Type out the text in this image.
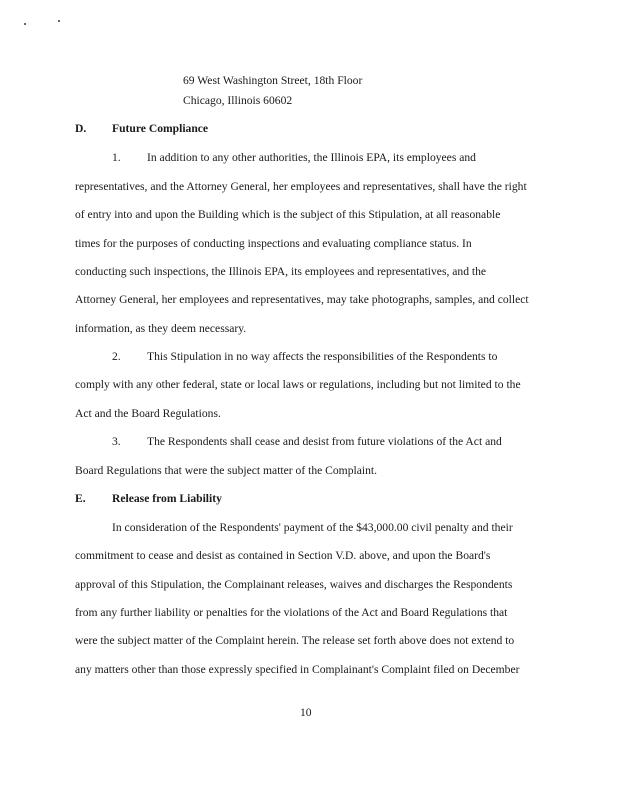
69 West Washington Street, 18th Floor
Chicago, Illinois 60602
D. Future Compliance
1. In addition to any other authorities, the Illinois EPA, its employees and
representatives, and the Attorney General, her employees and representatives, shall have the right
of entry into and upon the Building which is the subject of this Stipulation, at all reasonable
times for the purposes of conducting inspections and evaluating compliance status. In
conducting such inspections, the Illinois EPA, its employees and representatives, and the
Attorney General, her employees and representatives, may take photographs, samples, and collect
information, as they deem necessary.
2. This Stipulation in no way affects the responsibilities of the Respondents to
comply with any other federal, state or local laws or regulations, including but not limited to the
Act and the Board Regulations.
3. The Respondents shall cease and desist from future violations of the Act and
Board Regulations that were the subject matter of the Complaint.
E. Release from Liability
In consideration of the Respondents' payment of the $43,000.00 civil penalty and their
commitment to cease and desist as contained in Section V.D. above, and upon the Board's
approval of this Stipulation, the Complainant releases, waives and discharges the Respondents
from any further liability or penalties for the violations of the Act and Board Regulations that
were the subject matter of the Complaint herein. The release set forth above does not extend to
any matters other than those expressly specified in Complainant's Complaint filed on December
10
